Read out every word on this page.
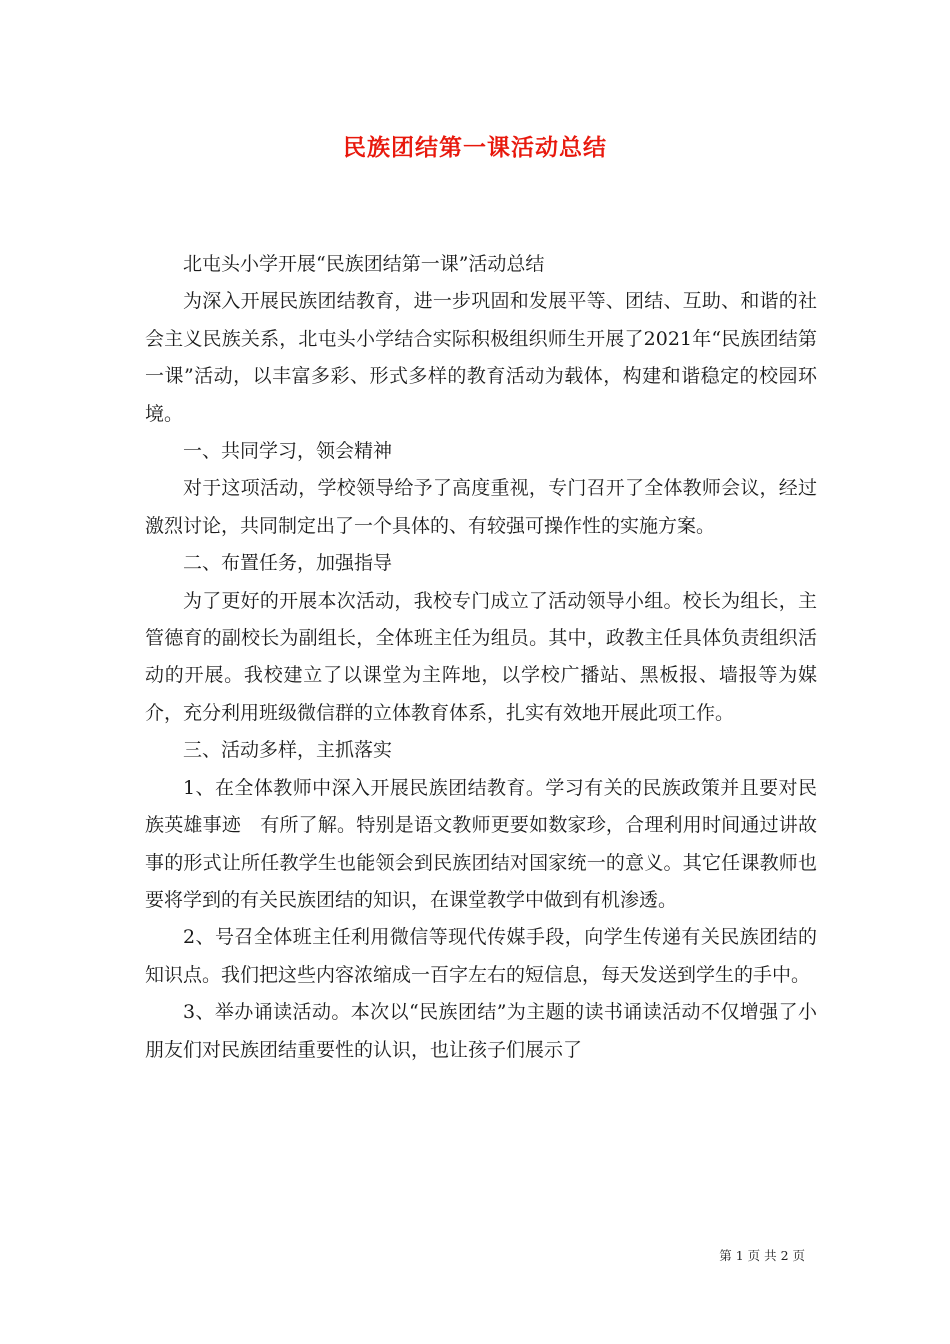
民族团结第一课活动总结

北屯头小学开展“民族团结第一课”活动总结

为深入开展民族团结教育，进一步巩固和发展平等、团结、互助、和谐的社会主义民族关系，北屯头小学结合实际积极组织师生开展了2021年“民族团结第一课”活动，以丰富多彩、形式多样的教育活动为载体，构建和谐稳定的校园环境。

一、共同学习，领会精神

对于这项活动，学校领导给予了高度重视，专门召开了全体教师会议，经过激烈讨论，共同制定出了一个具体的、有较强可操作性的实施方案。

二、布置任务，加强指导

为了更好的开展本次活动，我校专门成立了活动领导小组。校长为组长，主管德育的副校长为副组长，全体班主任为组员。其中，政教主任具体负责组织活动的开展。我校建立了以课堂为主阵地，以学校广播站、黑板报、墙报等为媒介，充分利用班级微信群的立体教育体系，扎实有效地开展此项工作。

三、活动多样，主抓落实

1、在全体教师中深入开展民族团结教育。学习有关的民族政策并且要对民族英雄事迹　有所了解。特别是语文教师更要如数家珍，合理利用时间通过讲故事的形式让所任教学生也能领会到民族团结对国家统一的意义。其它任课教师也要将学到的有关民族团结的知识，在课堂教学中做到有机渗透。

2、号召全体班主任利用微信等现代传媒手段，向学生传递有关民族团结的知识点。我们把这些内容浓缩成一百字左右的短信息，每天发送到学生的手中。

3、举办诵读活动。本次以“民族团结”为主题的读书诵读活动不仅增强了小朋友们对民族团结重要性的认识，也让孩子们展示了

第 1 页 共 2 页
